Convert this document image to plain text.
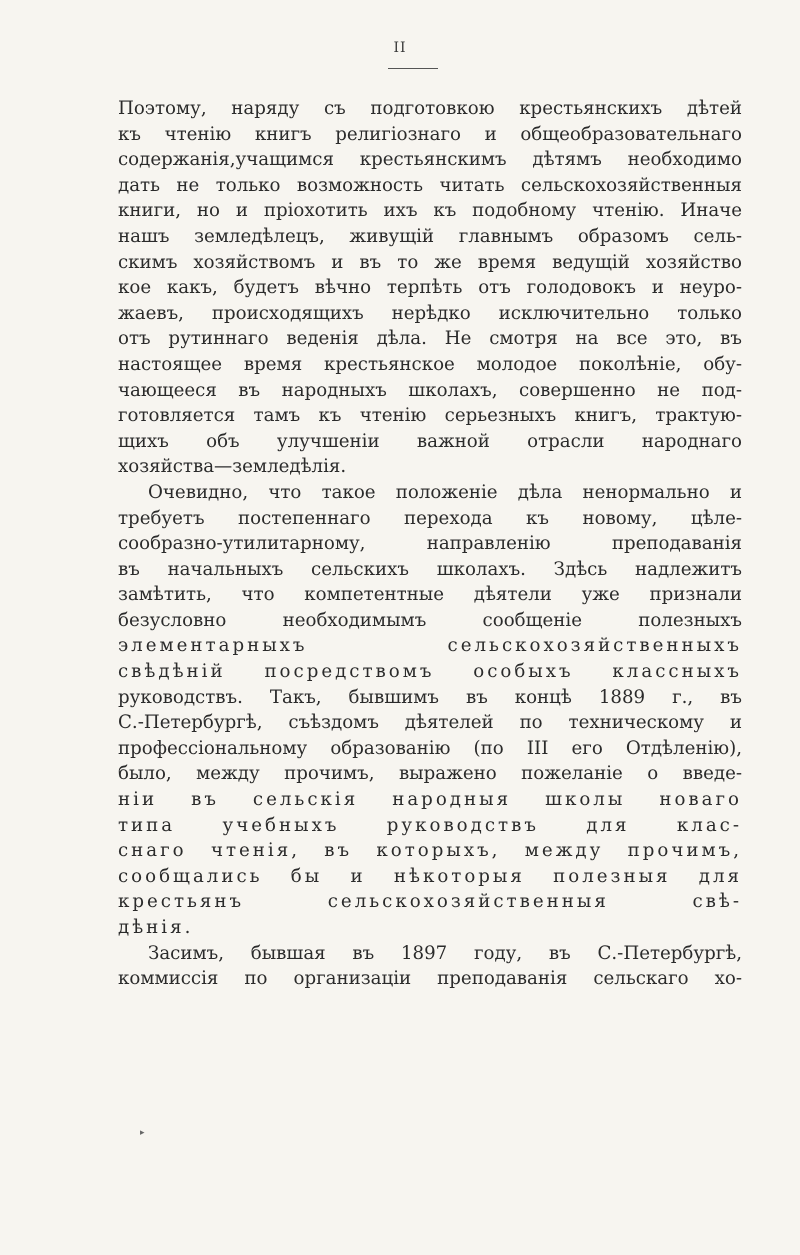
II
Поэтому, наряду съ подготовкою крестьянскихъ дѣтей
къ чтенію книгъ религіознаго и общеобразовательнаго
содержанія,учащимся крестьянскимъ дѣтямъ необходимо
дать не только возможность читать сельскохозяйственныя
книги, но и пріохотить ихъ къ подобному чтенію. Иначе
нашъ земледѣлецъ, живущій главнымъ образомъ сель-
скимъ хозяйствомъ и въ то же время ведущій хозяйство
кое какъ, будетъ вѣчно терпѣть отъ голодовокъ и неуро-
жаевъ, происходящихъ нерѣдко исключительно только
отъ рутиннаго веденія дѣла. Не смотря на все это, въ
настоящее время крестьянское молодое поколѣніе, обу-
чающееся въ народныхъ школахъ, совершенно не под-
готовляется тамъ къ чтенію серьезныхъ книгъ, трактую-
щихъ объ улучшеніи важной отрасли народнаго
хозяйства—земледѣлія.
Очевидно, что такое положеніе дѣла ненормально и
требуетъ постепеннаго перехода къ новому, цѣле-
сообразно-утилитарному, направленію преподаванія
въ начальныхъ сельскихъ школахъ. Здѣсь надлежитъ
замѣтить, что компетентные дѣятели уже признали
безусловно необходимымъ сообщеніе полезныхъ
элементарныхъ сельскохозяйственныхъ
свѣдѣній посредствомъ особыхъ классныхъ
руководствъ. Такъ, бывшимъ въ концѣ 1889 г., въ
С.-Петербургѣ, съѣздомъ дѣятелей по техническому и
профессіональному образованію (по III его Отдѣленію),
было, между прочимъ, выражено пожеланіе о введе-
ніи въ сельскія народныя школы новаго
типа учебныхъ руководствъ для клас-
снаго чтенія, въ которыхъ, между прочимъ,
сообщались бы и нѣкоторыя полезныя для
крестьянъ сельскохозяйственныя свѣ-
дѣнія.
Засимъ, бывшая въ 1897 году, въ С.-Петербургѣ,
коммиссія по организаціи преподаванія сельскаго хо-
▸
